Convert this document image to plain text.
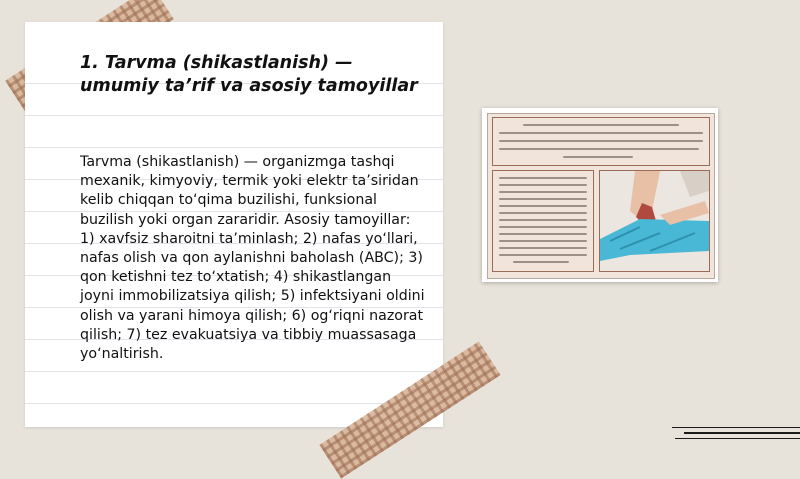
1. Tarvma (shikastlanish) — umumiy ta’rif va asosiy tamoyillar

Tarvma (shikastlanish) — organizmga tashqi mexanik, kimyoviy, termik yoki elektr ta’siridan kelib chiqqan to‘qima buzilishi, funksional buzilish yoki organ zararidir. Asosiy tamoyillar: 1) xavfsiz sharoitni ta’minlash; 2) nafas yo‘llari, nafas olish va qon aylanishni baholash (ABC); 3) qon ketishni tez to‘xtatish; 4) shikastlangan joyni immobilizatsiya qilish; 5) infektsiyani oldini olish va yarani himoya qilish; 6) og‘riqni nazorat qilish; 7) tez evakuatsiya va tibbiy muassasaga yo‘naltirish.
